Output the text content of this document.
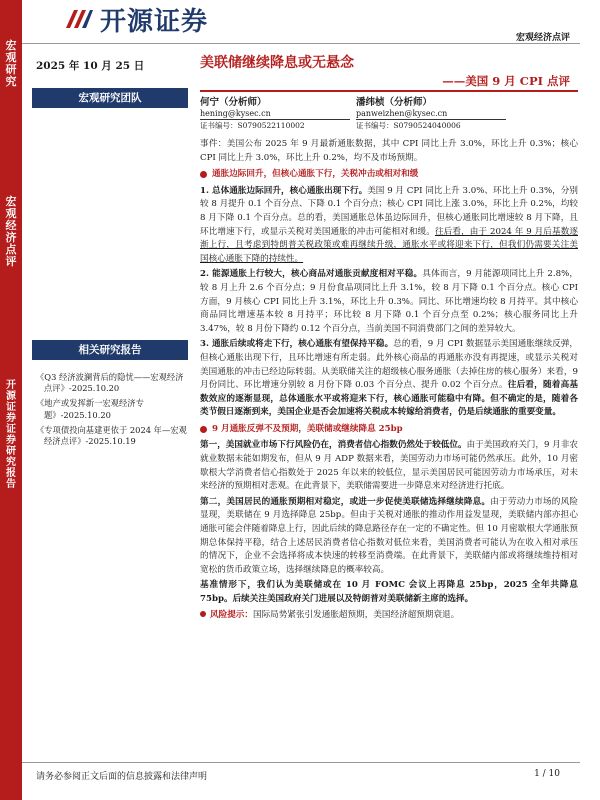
宏观研究
宏观经济点评
开源证券 证券研究报告
开源证券
宏观经济点评
2025 年 10 月 25 日	美联储继续降息或无悬念
——美国 9 月 CPI 点评
宏观研究团队	何宁（分析师）
hening@kysec.cn
证书编号：S0790522110002
潘纬桢（分析师）
panweizhen@kysec.cn
证书编号：S0790524040006
相关研究报告

《Q3 经济波澜背后的隐忧——宏观经济点评》-2025.10.20

《地产或发挥新一宏观经济专题》-2025.10.20

《专项债投向基建更依于 2024 年—宏观经济点评》-2025.10.19

事件：美国公布 2025 年 9 月最新通胀数据，其中 CPI 同比上升 3.0%，环比上升 0.3%；核心 CPI 同比上升 3.0%，环比上升 0.2%，均不及市场预期。

通胀边际回升，但核心通胀下行，关税冲击或相对和缓

1. 总体通胀边际回升，核心通胀出现下行。美国 9 月 CPI 同比上升 3.0%、环比上升 0.3%，分别较 8 月提升 0.1 个百分点、下降 0.1 个百分点；核心 CPI 同比上涨 3.0%，环比上升 0.2%，均较 8 月下降 0.1 个百分点。总的看，美国通胀总体虽边际回升，但核心通胀同比增速较 8 月下降，且环比增速下行，或显示关税对美国通胀的冲击可能相对和缓。往后看，由于 2024 年 9 月后基数逐渐上行，且考虑到特朗普关税政策或难再继续升级，通胀水平或将迎来下行，但我们仍需要关注美国核心通胀下降的持续性。

2. 能源通胀上行较大，核心商品对通胀贡献度相对平稳。具体而言，9 月能源项同比上升 2.8%，较 8 月上升 2.6 个百分点；9 月份食品项同比上升 3.1%，较 8 月下降 0.1 个百分点。核心 CPI 方面，9 月核心 CPI 同比上升 3.1%，环比上升 0.3%。同比、环比增速均较 8 月持平。其中核心商品同比增速基本较 8 月持平；环比较 8 月下降 0.1 个百分点至 0.2%；核心服务同比上升 3.47%，较 8 月份下降约 0.12 个百分点，当前美国不同消费部门之间的差异较大。

3. 通胀后续或将走下行，核心通胀有望保持平稳。总的看，9 月 CPI 数据显示美国通胀继续反弹，但核心通胀出现下行，且环比增速有所走弱。此外核心商品的再通胀亦没有再提速，或显示关税对美国通胀的冲击已经边际转弱。从美联储关注的超级核心服务通胀（去掉住房的核心服务）来看，9 月份同比、环比增速分别较 8 月份下降 0.03 个百分点、提升 0.02 个百分点。往后看，随着高基数效应的逐渐显现，总体通胀水平或将迎来下行，核心通胀可能稳中有降。但不确定的是，随着各类节假日逐渐到来，美国企业是否会加速将关税成本转嫁给消费者，仍是后续通胀的重要变量。

9 月通胀反弹不及预期，美联储或继续降息 25bp

第一，美国就业市场下行风险仍在，消费者信心指数仍然处于较低位。由于美国政府关门，9 月非农就业数据未能如期发布，但从 9 月 ADP 数据来看，美国劳动力市场可能仍然承压。此外，10 月密歇根大学消费者信心指数处于 2025 年以来的较低位，显示美国居民可能因劳动力市场承压，对未来经济的预期相对悲观。在此背景下，美联储需要进一步降息来对经济进行托底。

第二，美国居民的通胀预期相对稳定，或进一步促使美联储选择继续降息。由于劳动力市场的风险显现，美联储在 9 月选择降息 25bp。但由于关税对通胀的推动作用益发显现，美联储内部亦担心通胀可能会伴随着降息上行，因此后续的降息路径存在一定的不确定性。但 10 月密歇根大学通胀预期总体保持平稳，结合上述居民消费者信心指数对低位来看，美国消费者可能认为在收入相对承压的情况下，企业不会选择将成本快速的转移至消费端。在此背景下，美联储内部或将继续维持相对宽松的货币政策立场，选择继续降息的概率较高。

基准情形下，我们认为美联储或在 10 月 FOMC 会议上再降息 25bp，2025 全年共降息 75bp。后续关注美国政府关门进展以及特朗普对美联储新主席的选择。

风险提示：国际局势紧张引发通胀超预期，美国经济超预期衰退。

请务必参阅正文后面的信息披露和法律声明	1 / 10
